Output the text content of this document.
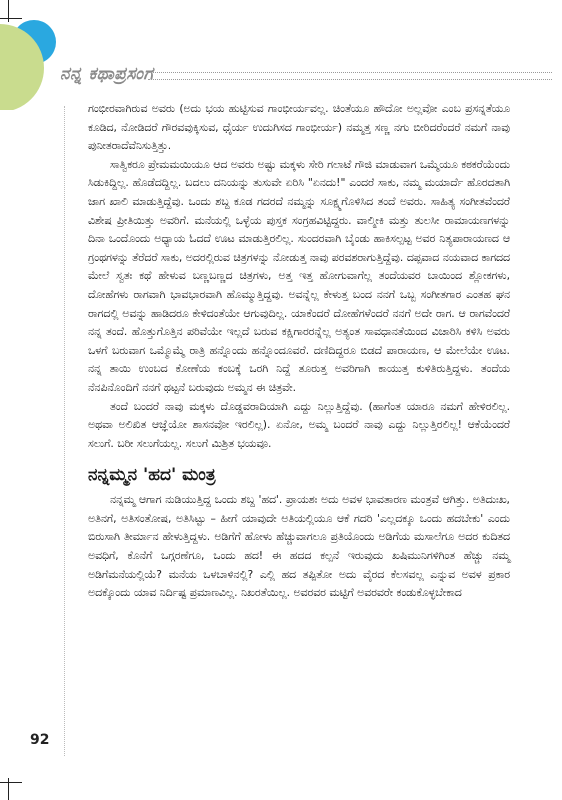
ನನ್ನ ಕಥಾಪ್ರಸಂಗ

ಗಂಭೀರವಾಗಿರುವ ಅವರು (ಅದು ಭಯ ಹುಟ್ಟಿಸುವ ಗಾಂಭೀರ್ಯವಲ್ಲ. ಚಿಂತೆಯೂ ಹೌದೋ ಅಲ್ಲವೋ ಎಂಬ ಪ್ರಸನ್ನತೆಯೂ ಕೂಡಿದ, ನೋಡಿದರೆ ಗೌರವವುಕ್ಕಿಸುವ, ಧೈರ್ಯ ಉದುಗಿಸದ ಗಾಂಭೀರ್ಯ) ನಮ್ಮತ್ತ ಸಣ್ಣ ನಗು ಬೀರಿದರೆಂದರೆ ನಮಗೆ ನಾವು ಪುನೀತರಾದೆವೆನಿಸುತ್ತಿತ್ತು.

ಸಾತ್ವಿಕರೂ ಪ್ರೇಮಮಯಿಯೂ ಆದ ಅವರು ಅಷ್ಟು ಮಕ್ಕಳು ಸೇರಿ ಗಲಾಟೆ ಗೌಜಿ ಮಾಡುವಾಗ ಒಮ್ಮೆಯೂ ಕಠಕರೆಯೆಂದು ಸಿಡುಕಿದ್ದಿಲ್ಲ. ಹೊಡೆದದ್ದಿಲ್ಲ. ಬದಲು ದನಿಯನ್ನು ತುಸುವೇ ಏರಿಸಿ "ಏನದು!" ಎಂದರೆ ಸಾಕು, ನಮ್ಮ ಮಯಾರ್ದೆ ಹೊರದತಾಗಿ ಜಾಗ ಖಾಲಿ ಮಾಡುತ್ತಿದ್ದೆವು. ಒಂದು ಶಬ್ದ ಕೂಡ ಗದರದೆ ನಮ್ಮನ್ನು ಸೂಕ್ಷ್ಮಗೊಳಿಸಿದ ತಂದೆ ಅವರು. ಸಾಹಿತ್ಯ ಸಂಗೀತವೆಂದರೆ ವಿಶೇಷ ಪ್ರೀತಿಯಿತ್ತು ಅವರಿಗೆ. ಮನೆಯಲ್ಲಿ ಒಳ್ಳೆಯ ಪುಸ್ತಕ ಸಂಗ್ರಹವಿಟ್ಟಿದ್ದರು. ವಾಲ್ಮೀಕಿ ಮತ್ತು ತುಲಸೀ ರಾಮಾಯಣಗಳನ್ನು ದಿನಾ ಒಂದೊಂದು ಅಧ್ಯಾಯ ಓದದೆ ಊಟ ಮಾಡುತ್ತಿರಲಿಲ್ಲ. ಸುಂದರವಾಗಿ ಬೈಂಡು ಹಾಕಿಸಲ್ಪಟ್ಟ ಅವರ ನಿತ್ಯಪಾರಾಯಣದ ಆ ಗ್ರಂಥಗಳನ್ನು ತೆರೆದರೆ ಸಾಕು, ಅದರಲ್ಲಿರುವ ಚಿತ್ರಗಳನ್ನು ನೋಡುತ್ತ ನಾವು ಪರವಶರಾಗುತ್ತಿದ್ದೆವು. ದಪ್ಪವಾದ ನಯವಾದ ಕಾಗದದ ಮೇಲೆ ಸ್ವತಃ ಕಥೆ ಹೇಳುವ ಬಣ್ಣಬಣ್ಣದ ಚಿತ್ರಗಳು, ಅತ್ತ ಇತ್ತ ಹೋಗುವಾಗೆಲ್ಲ ತಂದೆಯವರ ಬಾಯಿಂದ ಶ್ಲೋಕಗಳು, ದೋಹೆಗಳು ರಾಗವಾಗಿ ಭಾವಭಾರವಾಗಿ ಹೊಮ್ಮುತ್ತಿದ್ದವು. ಅವನ್ನೆಲ್ಲ ಕೇಳುತ್ತ ಬಂದ ನನಗೆ ಒಬ್ಬ ಸಂಗೀತಗಾರ ಎಂತಹ ಘನ ರಾಗದಲ್ಲಿ ಅವನ್ನು ಹಾಡಿದರೂ ಕೇಳಿದಂತೆಯೇ ಆಗುವುದಿಲ್ಲ. ಯಾಕೆಂದರೆ ದೋಹೆಗಳೆಂದರೆ ನನಗೆ ಅದೇ ರಾಗ. ಆ ರಾಗವೆಂದರೆ ನನ್ನ ತಂದೆ. ಹೊತ್ತುಗೊತ್ತಿನ ಪರಿವೆಯೇ ಇಲ್ಲದೆ ಬರುವ ಕಕ್ಷಿಗಾರರನ್ನೆಲ್ಲ ಅತ್ಯಂತ ಸಾವಧಾನತೆಯಿಂದ ವಿಚಾರಿಸಿ ಕಳಿಸಿ ಅವರು ಒಳಗೆ ಬರುವಾಗ ಒಮ್ಮೊಮ್ಮೆ ರಾತ್ರಿ ಹನ್ನೊಂದು ಹನ್ನೊಂದೂವರೆ. ದಣಿದಿದ್ದರೂ ಬಿಡದೆ ಪಾರಾಯಣ, ಆ ಮೇಲೆಯೇ ಊಟ. ನನ್ನ ತಾಯಿ ಉಂಬದ ಕೋಣೆಯ ಕಂಬಕ್ಕೆ ಒರಗಿ ನಿದ್ದೆ ತೂರುತ್ತ ಅವರಿಗಾಗಿ ಕಾಯುತ್ತ ಕುಳಿತಿರುತ್ತಿದ್ದಳು. ತಂದೆಯ ನೆನಪಿನೊಂದಿಗೆ ನನಗೆ ಥಟ್ಟನೆ ಬರುವುದು ಅಮ್ಮನ ಈ ಚಿತ್ರವೇ.

ತಂದೆ ಬಂದರೆ ನಾವು ಮಕ್ಕಳು ದೊಡ್ಡವರಾದಿಯಾಗಿ ಎದ್ದು ನಿಲ್ಲುತ್ತಿದ್ದೆವು. (ಹಾಗೆಂತ ಯಾರೂ ನಮಗೆ ಹೇಳಿರಲಿಲ್ಲ. ಅಥವಾ ಅಲಿಖಿತ ಆಜ್ಞೆಯೋ ಶಾಸನವೋ ಇರಲಿಲ್ಲ). ಏನೋ, ಅಮ್ಮ ಬಂದರೆ ನಾವು ಎದ್ದು ನಿಲ್ಲುತ್ತಿರಲಿಲ್ಲ! ಆಕೆಯೆಂದರೆ ಸಲುಗೆ. ಬರೀ ಸಲುಗೆಯಲ್ಲ. ಸಲುಗೆ ಮಿಶ್ರಿತ ಭಯವೂ.

ನನ್ನಮ್ಮನ 'ಹದ' ಮಂತ್ರ

ನನ್ನಮ್ಮ ಆಗಾಗ ನುಡಿಯುತ್ತಿದ್ದ ಒಂದು ಶಬ್ದ 'ಹದ'. ಪ್ರಾಯಶಃ ಅದು ಅವಳ ಭಾವತಾರಣ ಮಂತ್ರವೆ ಆಗಿತ್ತು. ಅತಿದುಃಖ, ಅತಿನಗೆ, ಅತಿಸಂತೋಷ, ಅತಿಸಿಟ್ಟು – ಹೀಗೆ ಯಾವುದೇ ಅತಿಯಲ್ಲಿಯೂ ಆಕೆ ಗದರಿ 'ಎಲ್ಲದಕ್ಕೂ ಒಂದು ಹದಬೇಕು' ಎಂದು ಬಿರುಸಾಗಿ ತೀರ್ಮಾನ ಹೇಳುತ್ತಿದ್ದಳು. ಅಡಿಗೆಗೆ ಹೋಳು ಹೆಚ್ಚುವಾಗಲೂ ಪ್ರತಿಯೊಂದು ಅಡಿಗೆಯ ಮಸಾಲೆಗೂ ಅದರ ಕುದಿತದ ಅವಧಿಗೆ, ಕೊನೆಗೆ ಒಗ್ಗರಣೆಗೂ, ಒಂದು ಹದ! ಈ ಹದದ ಕಲ್ಪನೆ ಇರುವುದು ಖಷಿಮುನಿಗಳಿಗಿಂತ ಹೆಚ್ಚು ನಮ್ಮ ಅಡಿಗೆಮನೆಯಲ್ಲಿಯೆ? ಮನೆಯ ಒಳಬಾಳಿನಲ್ಲಿ? ಎಲ್ಲಿ ಹದ ತಪ್ಪಿತೋ ಅದು ವೈರದ ಕೆಲಸವಲ್ಲ ಎನ್ನುವ ಅವಳ ಪ್ರಕಾರ ಅದಕ್ಕೊಂದು ಯಾವ ನಿರ್ದಿಷ್ಟ ಪ್ರಮಾಣವಿಲ್ಲ. ನಿಖರತೆಯಿಲ್ಲ. ಅವರವರ ಮಟ್ಟಿಗೆ ಅವರವರೇ ಕಂಡುಕೊಳ್ಳಬೇಕಾದ

92
